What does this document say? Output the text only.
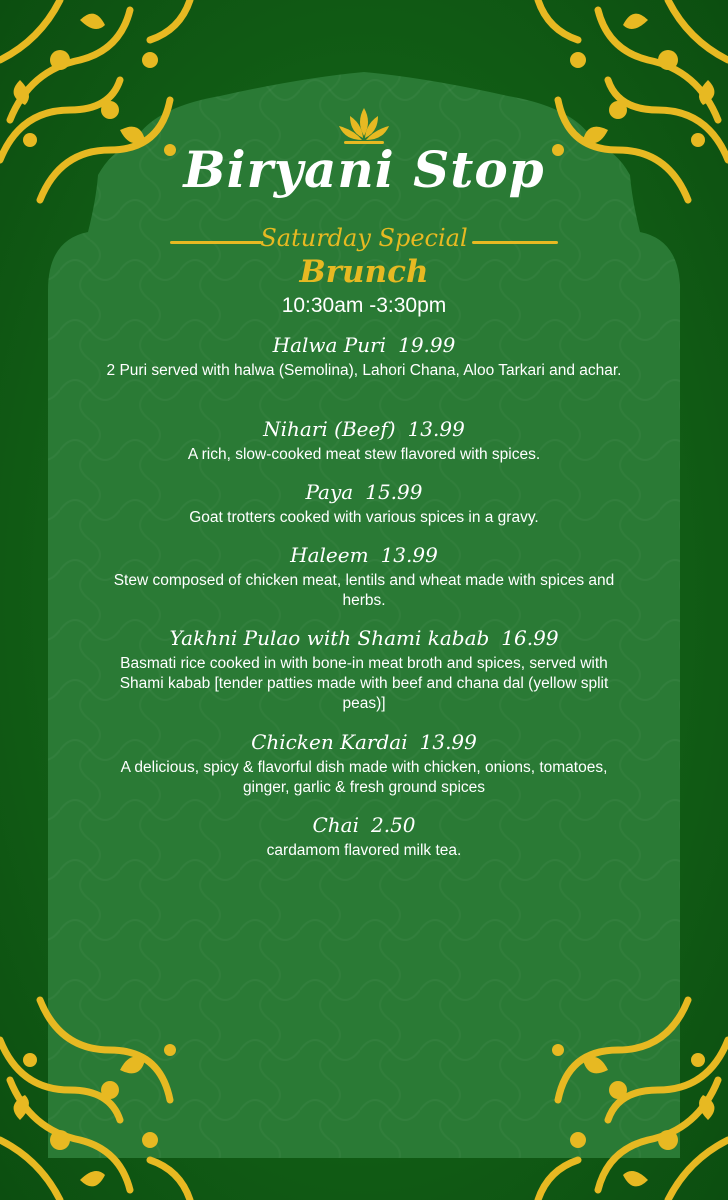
Biryani Stop
Saturday Special
Brunch
10:30am -3:30pm
Halwa Puri 19.99
2 Puri served with halwa (Semolina), Lahori Chana, Aloo Tarkari and achar.
Nihari (Beef) 13.99
A rich, slow-cooked meat stew flavored with spices.
Paya 15.99
Goat trotters cooked with various spices in a gravy.
Haleem 13.99
Stew composed of chicken meat, lentils and wheat made with spices and herbs.
Yakhni Pulao with Shami kabab 16.99
Basmati rice cooked in with bone-in meat broth and spices, served with Shami kabab [tender patties made with beef and chana dal (yellow split peas)]
Chicken Kardai 13.99
A delicious, spicy & flavorful dish made with chicken, onions, tomatoes, ginger, garlic & fresh ground spices
Chai 2.50
cardamom flavored milk tea.
